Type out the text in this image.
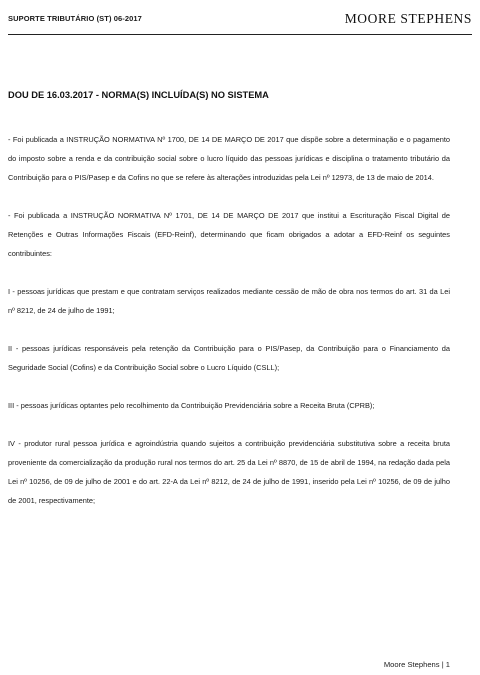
SUPORTE TRIBUTÁRIO (ST) 06-2017	MOORE STEPHENS
DOU DE 16.03.2017 - NORMA(S) INCLUÍDA(S) NO SISTEMA

- Foi publicada a INSTRUÇÃO NORMATIVA Nº 1700, DE 14 DE MARÇO DE 2017 que dispõe sobre a determinação e o pagamento do imposto sobre a renda e da contribuição social sobre o lucro líquido das pessoas jurídicas e disciplina o tratamento tributário da Contribuição para o PIS/Pasep e da Cofins no que se refere às alterações introduzidas pela Lei nº 12973, de 13 de maio de 2014.

- Foi publicada a INSTRUÇÃO NORMATIVA Nº 1701, DE 14 DE MARÇO DE 2017 que institui a Escrituração Fiscal Digital de Retenções e Outras Informações Fiscais (EFD-Reinf), determinando que ficam obrigados a adotar a EFD-Reinf os seguintes contribuintes:

I - pessoas jurídicas que prestam e que contratam serviços realizados mediante cessão de mão de obra nos termos do art. 31 da Lei nº 8212, de 24 de julho de 1991;

II - pessoas jurídicas responsáveis pela retenção da Contribuição para o PIS/Pasep, da Contribuição para o Financiamento da Seguridade Social (Cofins) e da Contribuição Social sobre o Lucro Líquido (CSLL);

III - pessoas jurídicas optantes pelo recolhimento da Contribuição Previdenciária sobre a Receita Bruta (CPRB);

IV - produtor rural pessoa jurídica e agroindústria quando sujeitos a contribuição previdenciária substitutiva sobre a receita bruta proveniente da comercialização da produção rural nos termos do art. 25 da Lei nº 8870, de 15 de abril de 1994, na redação dada pela Lei nº 10256, de 09 de julho de 2001 e do art. 22-A da Lei nº 8212, de 24 de julho de 1991, inserido pela Lei nº 10256, de 09 de julho de 2001, respectivamente;

Moore Stephens | 1
